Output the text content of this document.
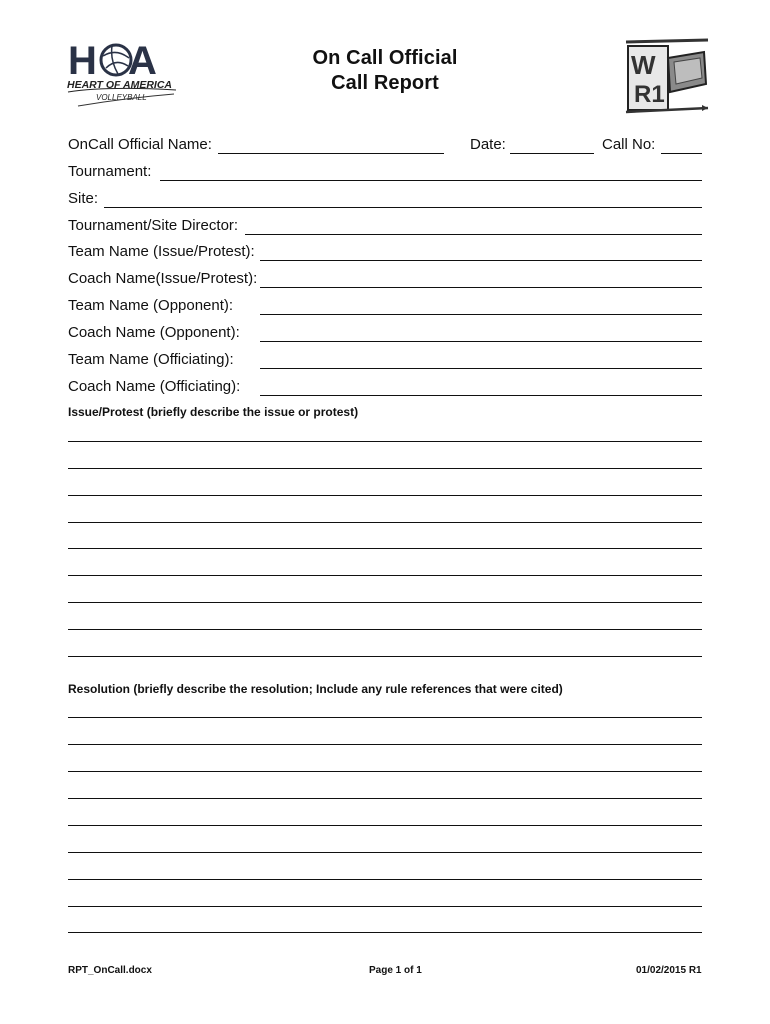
H A
HEART OF AMERICA
VOLLEYBALL
On Call Official
Call Report
W
R1
OnCall Official Name:	Date:	Call No:
Tournament:
Site:
Tournament/Site Director:
Team Name (Issue/Protest):
Coach Name(Issue/Protest):
Team Name (Opponent):
Coach Name (Opponent):
Team Name (Officiating):
Coach Name (Officiating):
Issue/Protest (briefly describe the issue or protest)
Resolution (briefly describe the resolution; Include any rule references that were cited)
RPT_OnCall.docx	Page 1 of 1	01/02/2015 R1
